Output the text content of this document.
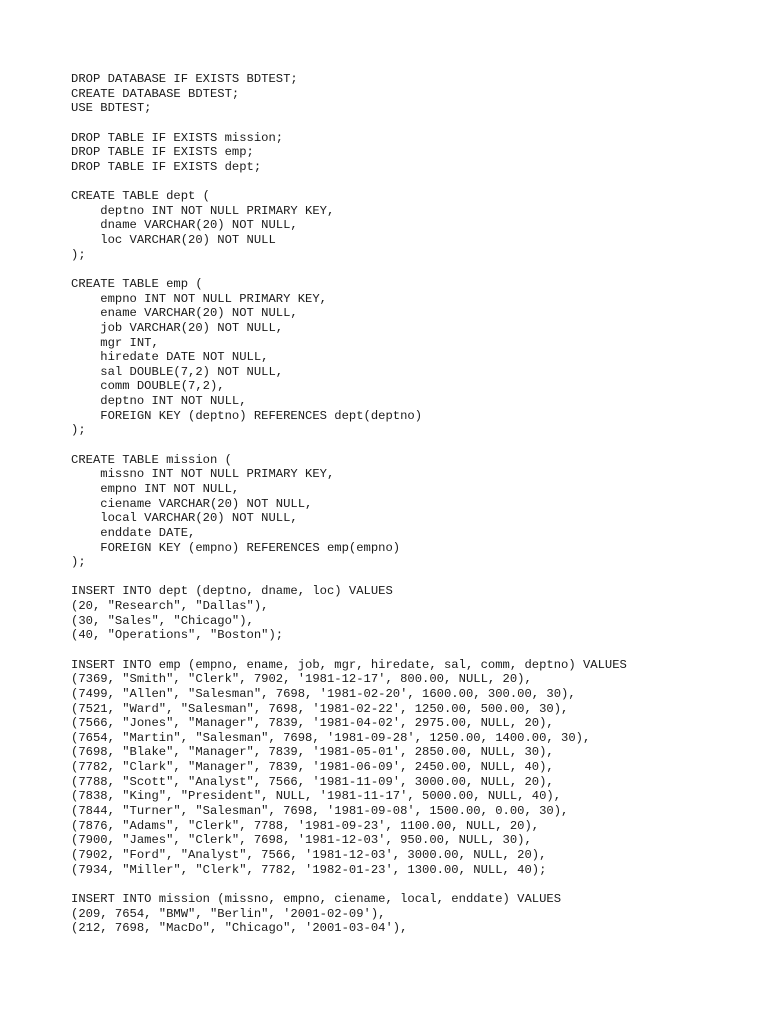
DROP DATABASE IF EXISTS BDTEST;
CREATE DATABASE BDTEST;
USE BDTEST;
DROP TABLE IF EXISTS mission;
DROP TABLE IF EXISTS emp;
DROP TABLE IF EXISTS dept;
CREATE TABLE dept (
deptno INT NOT NULL PRIMARY KEY,
dname VARCHAR(20) NOT NULL,
loc VARCHAR(20) NOT NULL
);
CREATE TABLE emp (
empno INT NOT NULL PRIMARY KEY,
ename VARCHAR(20) NOT NULL,
job VARCHAR(20) NOT NULL,
mgr INT,
hiredate DATE NOT NULL,
sal DOUBLE(7,2) NOT NULL,
comm DOUBLE(7,2),
deptno INT NOT NULL,
FOREIGN KEY (deptno) REFERENCES dept(deptno)
);
CREATE TABLE mission (
missno INT NOT NULL PRIMARY KEY,
empno INT NOT NULL,
ciename VARCHAR(20) NOT NULL,
local VARCHAR(20) NOT NULL,
enddate DATE,
FOREIGN KEY (empno) REFERENCES emp(empno)
);
INSERT INTO dept (deptno, dname, loc) VALUES
(20, "Research", "Dallas"),
(30, "Sales", "Chicago"),
(40, "Operations", "Boston");
INSERT INTO emp (empno, ename, job, mgr, hiredate, sal, comm, deptno) VALUES
(7369, "Smith", "Clerk", 7902, '1981-12-17', 800.00, NULL, 20),
(7499, "Allen", "Salesman", 7698, '1981-02-20', 1600.00, 300.00, 30),
(7521, "Ward", "Salesman", 7698, '1981-02-22', 1250.00, 500.00, 30),
(7566, "Jones", "Manager", 7839, '1981-04-02', 2975.00, NULL, 20),
(7654, "Martin", "Salesman", 7698, '1981-09-28', 1250.00, 1400.00, 30),
(7698, "Blake", "Manager", 7839, '1981-05-01', 2850.00, NULL, 30),
(7782, "Clark", "Manager", 7839, '1981-06-09', 2450.00, NULL, 40),
(7788, "Scott", "Analyst", 7566, '1981-11-09', 3000.00, NULL, 20),
(7838, "King", "President", NULL, '1981-11-17', 5000.00, NULL, 40),
(7844, "Turner", "Salesman", 7698, '1981-09-08', 1500.00, 0.00, 30),
(7876, "Adams", "Clerk", 7788, '1981-09-23', 1100.00, NULL, 20),
(7900, "James", "Clerk", 7698, '1981-12-03', 950.00, NULL, 30),
(7902, "Ford", "Analyst", 7566, '1981-12-03', 3000.00, NULL, 20),
(7934, "Miller", "Clerk", 7782, '1982-01-23', 1300.00, NULL, 40);
INSERT INTO mission (missno, empno, ciename, local, enddate) VALUES
(209, 7654, "BMW", "Berlin", '2001-02-09'),
(212, 7698, "MacDo", "Chicago", '2001-03-04'),
